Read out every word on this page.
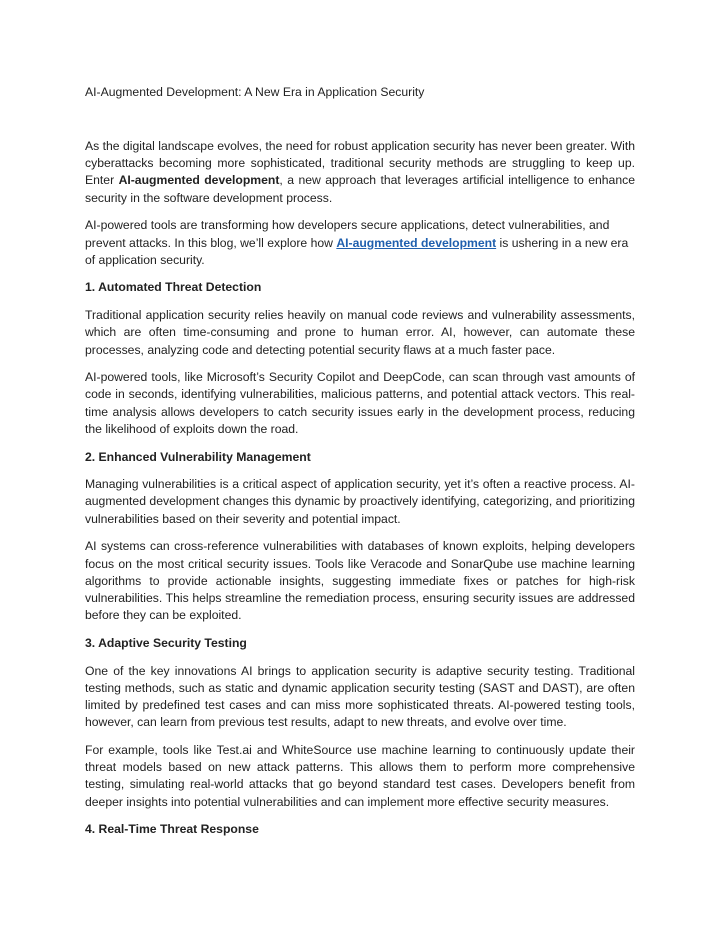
AI-Augmented Development: A New Era in Application Security

As the digital landscape evolves, the need for robust application security has never been greater. With cyberattacks becoming more sophisticated, traditional security methods are struggling to keep up. Enter AI-augmented development, a new approach that leverages artificial intelligence to enhance security in the software development process.

AI-powered tools are transforming how developers secure applications, detect vulnerabilities, and prevent attacks. In this blog, we’ll explore how AI-augmented development is ushering in a new era of application security.

1. Automated Threat Detection

Traditional application security relies heavily on manual code reviews and vulnerability assessments, which are often time-consuming and prone to human error. AI, however, can automate these processes, analyzing code and detecting potential security flaws at a much faster pace.

AI-powered tools, like Microsoft’s Security Copilot and DeepCode, can scan through vast amounts of code in seconds, identifying vulnerabilities, malicious patterns, and potential attack vectors. This real-time analysis allows developers to catch security issues early in the development process, reducing the likelihood of exploits down the road.

2. Enhanced Vulnerability Management

Managing vulnerabilities is a critical aspect of application security, yet it’s often a reactive process. AI-augmented development changes this dynamic by proactively identifying, categorizing, and prioritizing vulnerabilities based on their severity and potential impact.

AI systems can cross-reference vulnerabilities with databases of known exploits, helping developers focus on the most critical security issues. Tools like Veracode and SonarQube use machine learning algorithms to provide actionable insights, suggesting immediate fixes or patches for high-risk vulnerabilities. This helps streamline the remediation process, ensuring security issues are addressed before they can be exploited.

3. Adaptive Security Testing

One of the key innovations AI brings to application security is adaptive security testing. Traditional testing methods, such as static and dynamic application security testing (SAST and DAST), are often limited by predefined test cases and can miss more sophisticated threats. AI-powered testing tools, however, can learn from previous test results, adapt to new threats, and evolve over time.

For example, tools like Test.ai and WhiteSource use machine learning to continuously update their threat models based on new attack patterns. This allows them to perform more comprehensive testing, simulating real-world attacks that go beyond standard test cases. Developers benefit from deeper insights into potential vulnerabilities and can implement more effective security measures.

4. Real-Time Threat Response
